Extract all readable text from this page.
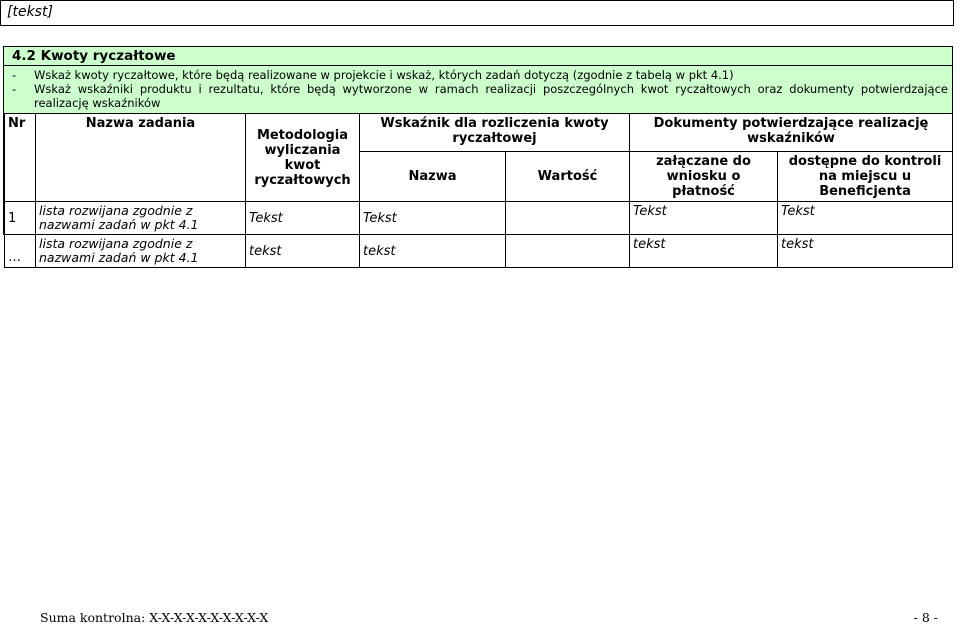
[tekst]
4.2 Kwoty ryczałtowe
-	Wskaż kwoty ryczałtowe, które będą realizowane w projekcie i wskaż, których zadań dotyczą (zgodnie z tabelą w pkt 4.1)
-	Wskaż wskaźniki produktu i rezultatu, które będą wytworzone w ramach realizacji poszczególnych kwot ryczałtowych oraz dokumenty potwierdzające realizację wskaźników
Nr	Nazwa zadania	Metodologia wyliczania kwot ryczałtowych	Wskaźnik dla rozliczenia kwoty ryczałtowej		Dokumenty potwierdzające realizację wskaźników	
			Nazwa	Wartość	załączane do wniosku o płatność	dostępne do kontroli na miejscu u Beneficjenta
1	lista rozwijana zgodnie z nazwami zadań w pkt 4.1	Tekst	Tekst		Tekst	Tekst
…	lista rozwijana zgodnie z nazwami zadań w pkt 4.1	tekst	tekst		tekst	tekst
Suma kontrolna: X-X-X-X-X-X-X-X-X-X	- 8 -
